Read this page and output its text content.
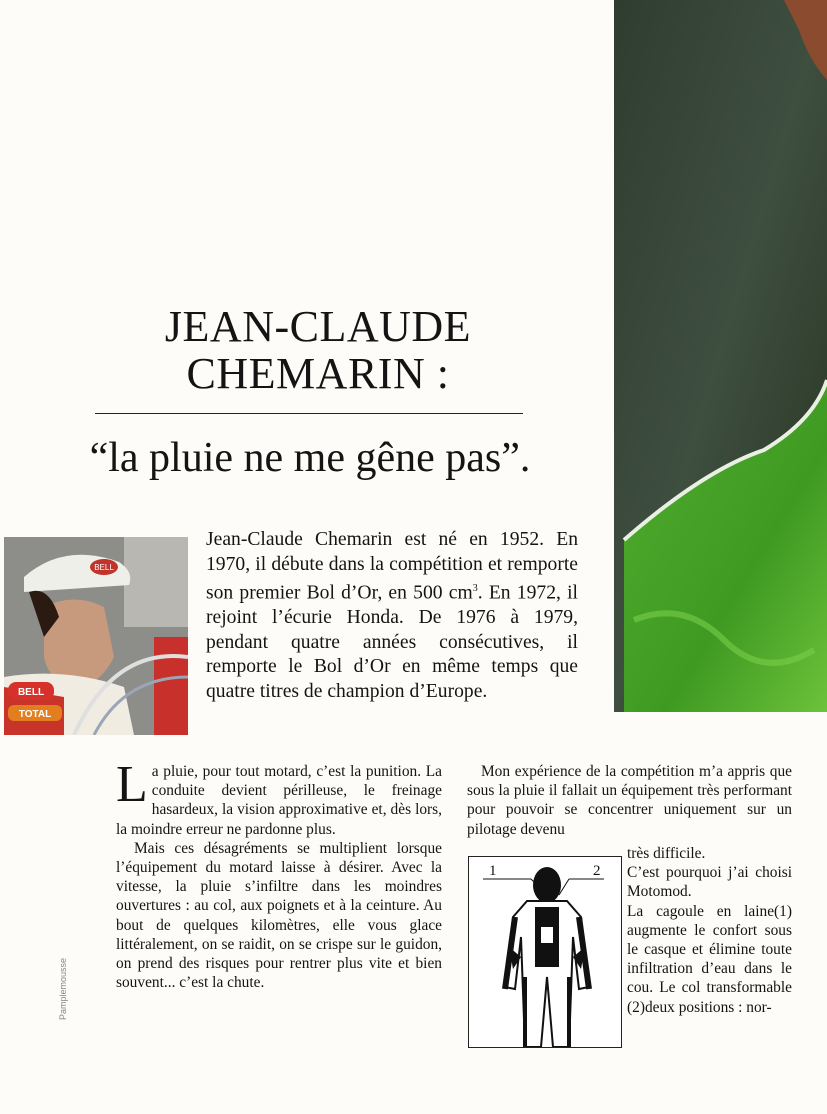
JEAN-CLAUDE
CHEMARIN :
“la pluie ne me gêne pas”.
BELL
BELL
TOTAL
Jean-Claude Chemarin est né en 1952. En 1970, il débute dans la compétition et remporte son premier Bol d’Or, en 500 $cm^3$. En 1972, il rejoint l’écurie Honda. De 1976 à 1979, pendant quatre années consécutives, il remporte le Bol d’Or en même temps que quatre titres de champion d’Europe.

La pluie, pour tout motard, c’est la punition. La conduite devient périlleuse, le freinage hasardeux, la vision approximative et, dès lors, la moindre erreur ne pardonne plus.

Mais ces désagréments se multiplient lorsque l’équipement du motard laisse à désirer. Avec la vitesse, la pluie s’infiltre dans les moindres ouvertures : au col, aux poignets et à la ceinture. Au bout de quelques kilomètres, elle vous glace littéralement, on se raidit, on se crispe sur le guidon, on prend des risques pour rentrer plus vite et bien souvent... c’est la chute.

Mon expérience de la compétition m’a appris que sous la pluie il fallait un équipement très performant pour pouvoir se concentrer uniquement sur un pilotage devenu

1	2

très difficile.

C’est pourquoi j’ai choisi Motomod.

La cagoule en laine(1) augmente le confort sous le casque et élimine toute infiltration d’eau dans le cou. Le col transformable (2)deux positions : nor-

Pamplemousse
